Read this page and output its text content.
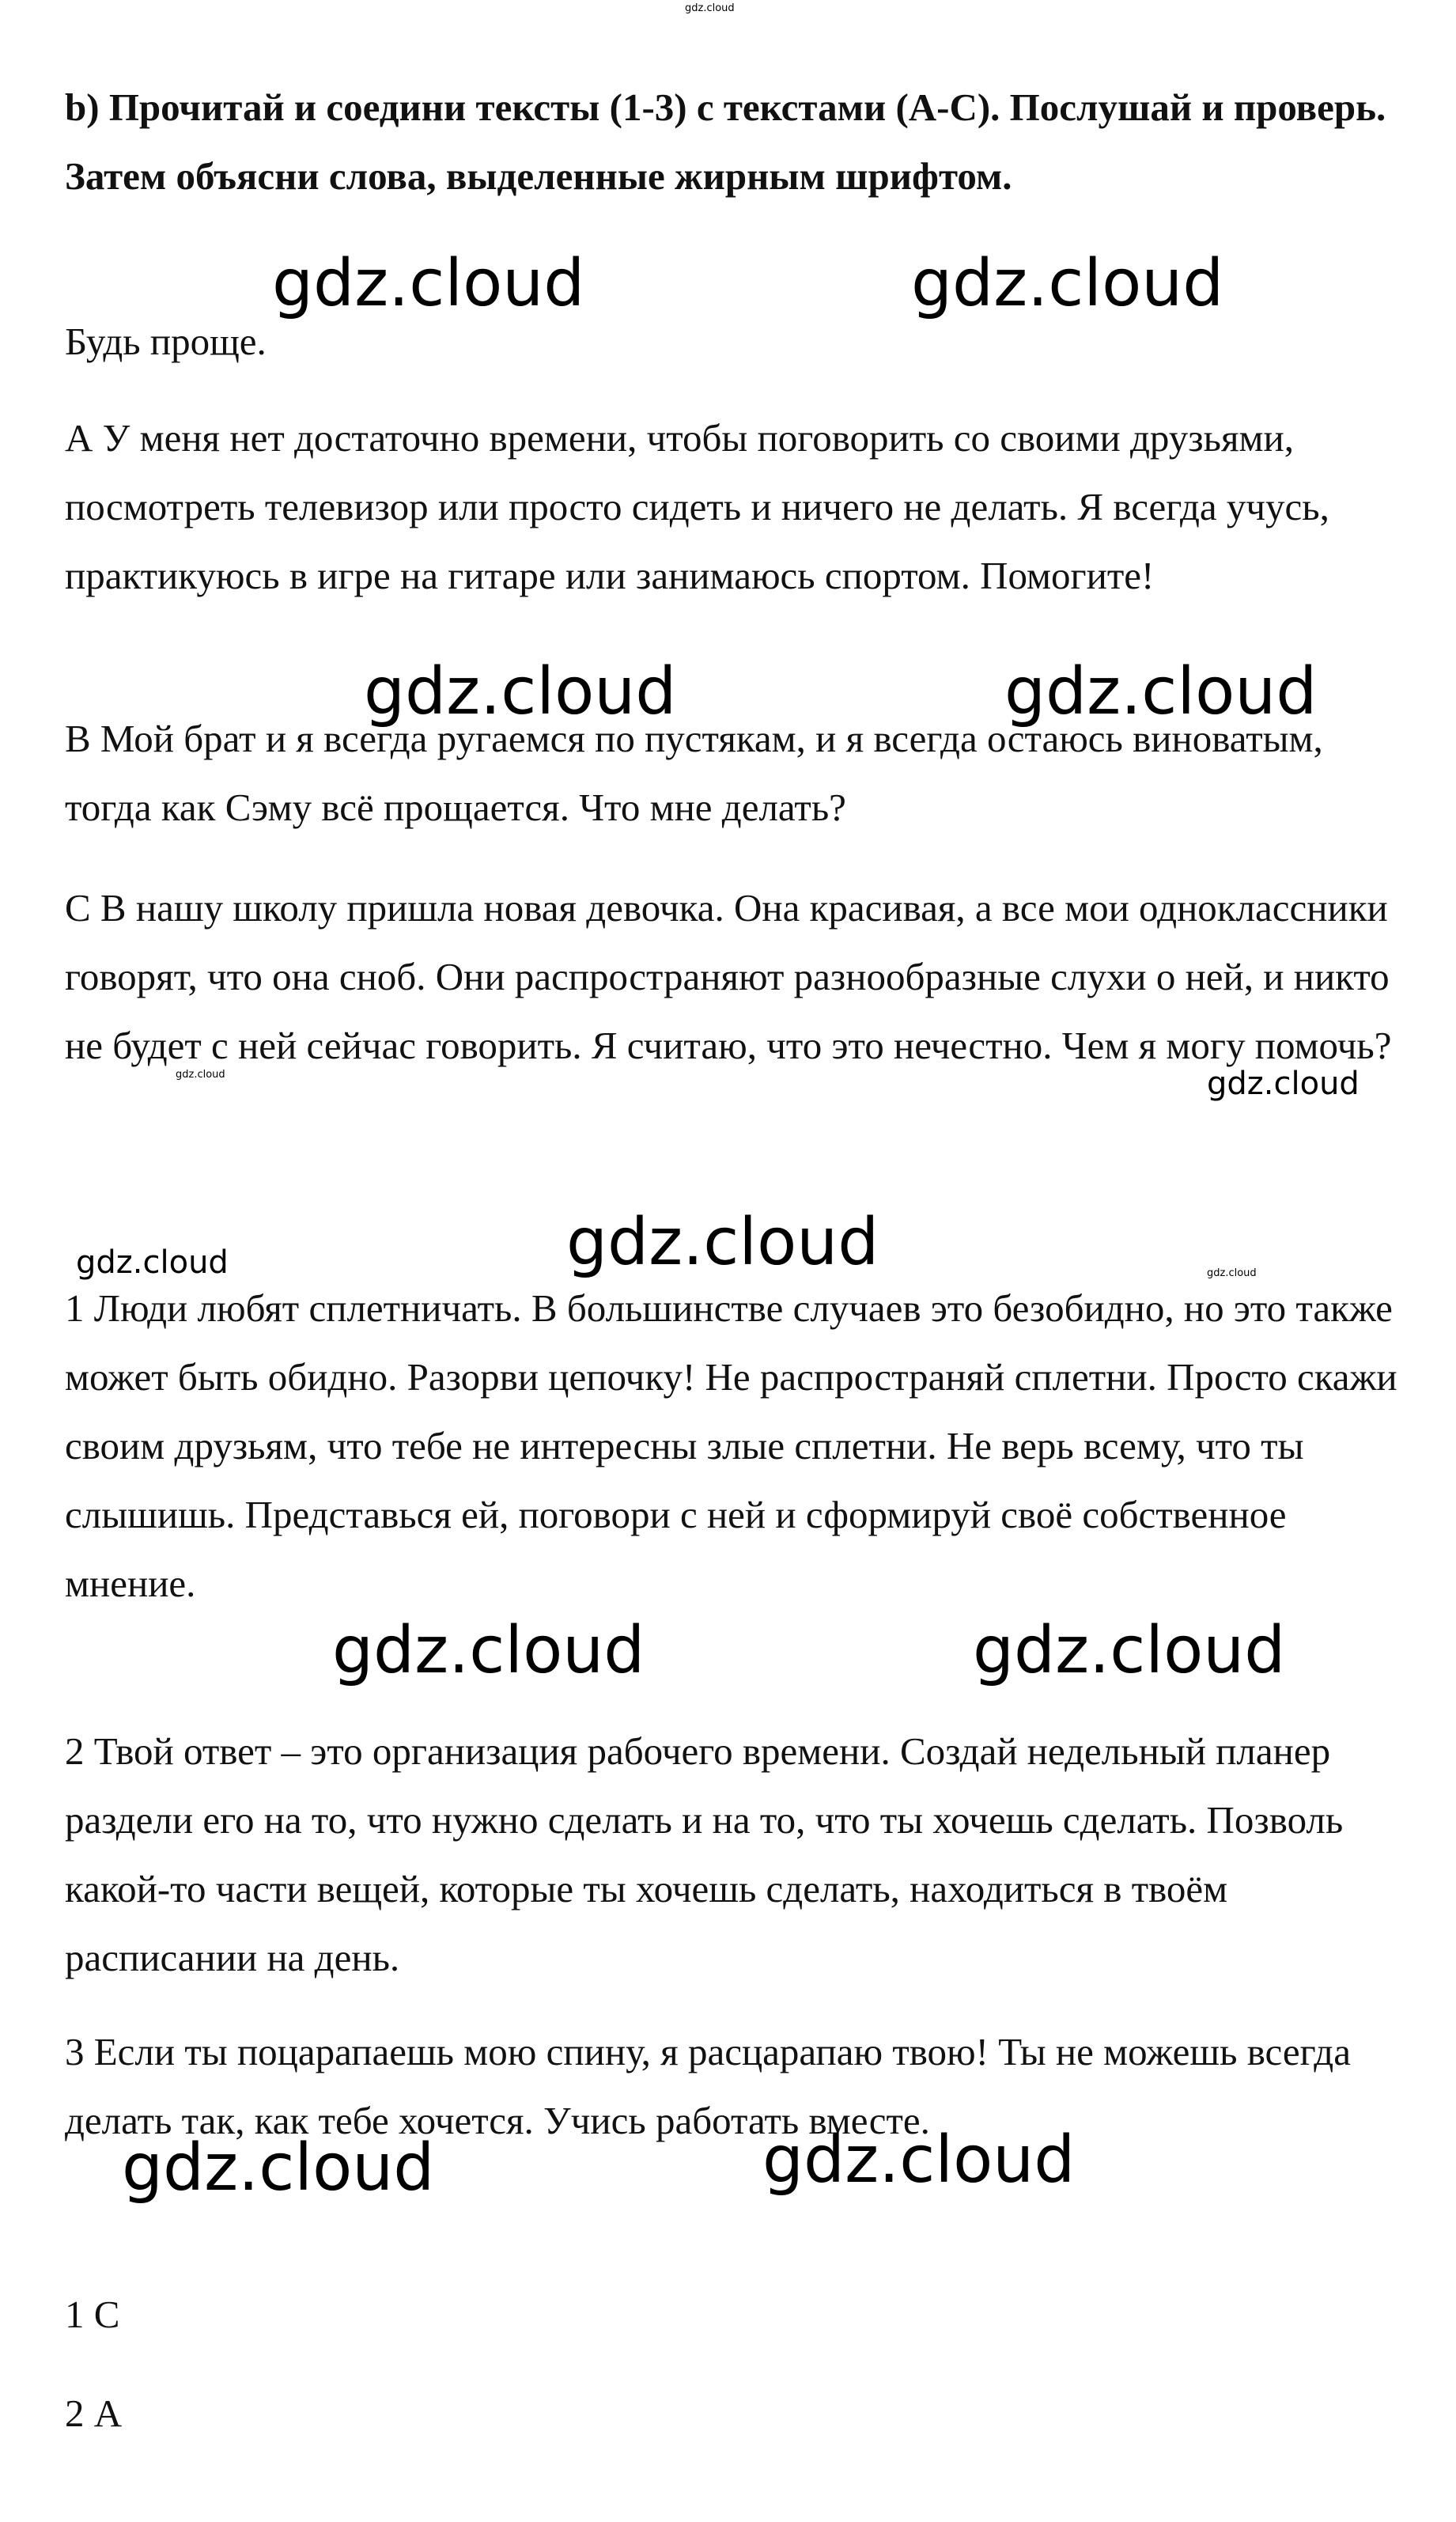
b) Прочитай и соедини тексты (1-3) с текстами (А-С). Послушай и проверь. Затем объясни слова, выделенные жирным шрифтом.

Будь проще.

А У меня нет достаточно времени, чтобы поговорить со своими друзьями, посмотреть телевизор или просто сидеть и ничего не делать. Я всегда учусь, практикуюсь в игре на гитаре или занимаюсь спортом. Помогите!

В Мой брат и я всегда ругаемся по пустякам, и я всегда остаюсь виноватым, тогда как Сэму всё прощается. Что мне делать?

С В нашу школу пришла новая девочка. Она красивая, а все мои одноклассники говорят, что она сноб. Они распространяют разнообразные слухи о ней, и никто не будет с ней сейчас говорить. Я считаю, что это нечестно. Чем я могу помочь?

1 Люди любят сплетничать. В большинстве случаев это безобидно, но это также может быть обидно. Разорви цепочку! Не распространяй сплетни. Просто скажи своим друзьям, что тебе не интересны злые сплетни. Не верь всему, что ты слышишь. Представься ей, поговори с ней и сформируй своё собственное мнение.

2 Твой ответ – это организация рабочего времени. Создай недельный планер раздели его на то, что нужно сделать и на то, что ты хочешь сделать. Позволь какой-то части вещей, которые ты хочешь сделать, находиться в твоём расписании на день.

3 Если ты поцарапаешь мою спину, я расцарапаю твою! Ты не можешь всегда делать так, как тебе хочется. Учись работать вместе.

1 С

2 А

gdz.cloud
gdz.cloud	gdz.cloud
gdz.cloud	gdz.cloud
gdz.cloud	gdz.cloud
gdz.cloud	gdz.cloud	gdz.cloud
gdz.cloud	gdz.cloud
gdz.cloud	gdz.cloud
